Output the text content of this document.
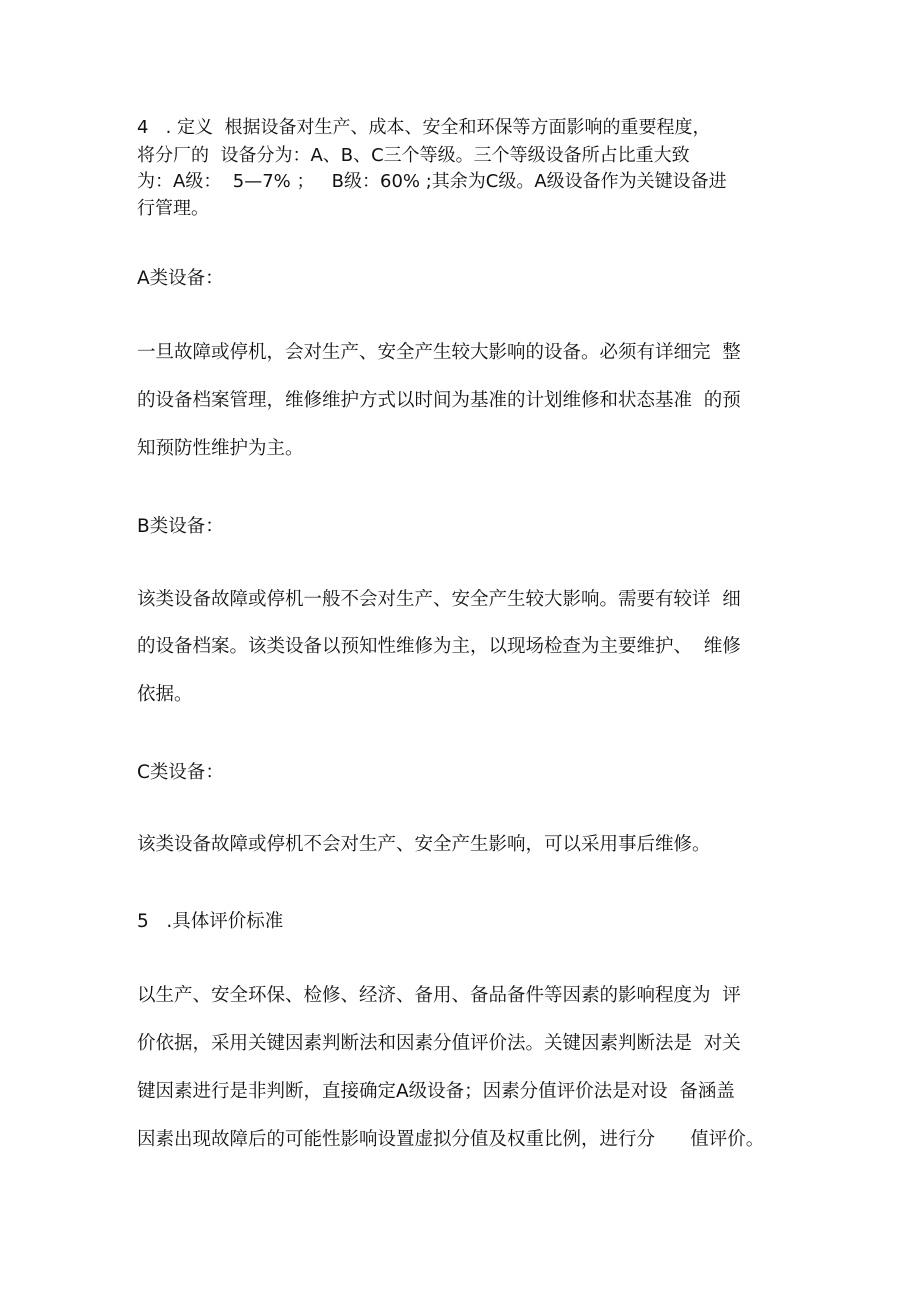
4   . 定义  根据设备对生产、成本、安全和环保等方面影响的重要程度，
将分厂的  设备分为：A、B、C三个等级。三个等级设备所占比重大致
为：A级：  5—7% ；   B级：60% ;其余为C级。A级设备作为关键设备进
行管理。
A类设备：
一旦故障或停机，会对生产、安全产生较大影响的设备。必须有详细完  整
的设备档案管理，维修维护方式以时间为基准的计划维修和状态基准  的预
知预防性维护为主。
B类设备：
该类设备故障或停机一般不会对生产、安全产生较大影响。需要有较详  细
的设备档案。该类设备以预知性维修为主，以现场检查为主要维护、  维修
依据。
C类设备：
该类设备故障或停机不会对生产、安全产生影响，可以采用事后维修。
5   .具体评价标准
以生产、安全环保、检修、经济、备用、备品备件等因素的影响程度为  评
价依据，采用关键因素判断法和因素分值评价法。关键因素判断法是  对关
键因素进行是非判断，直接确定A级设备；因素分值评价法是对设  备涵盖
因素出现故障后的可能性影响设置虚拟分值及权重比例，进行分      值评价。
